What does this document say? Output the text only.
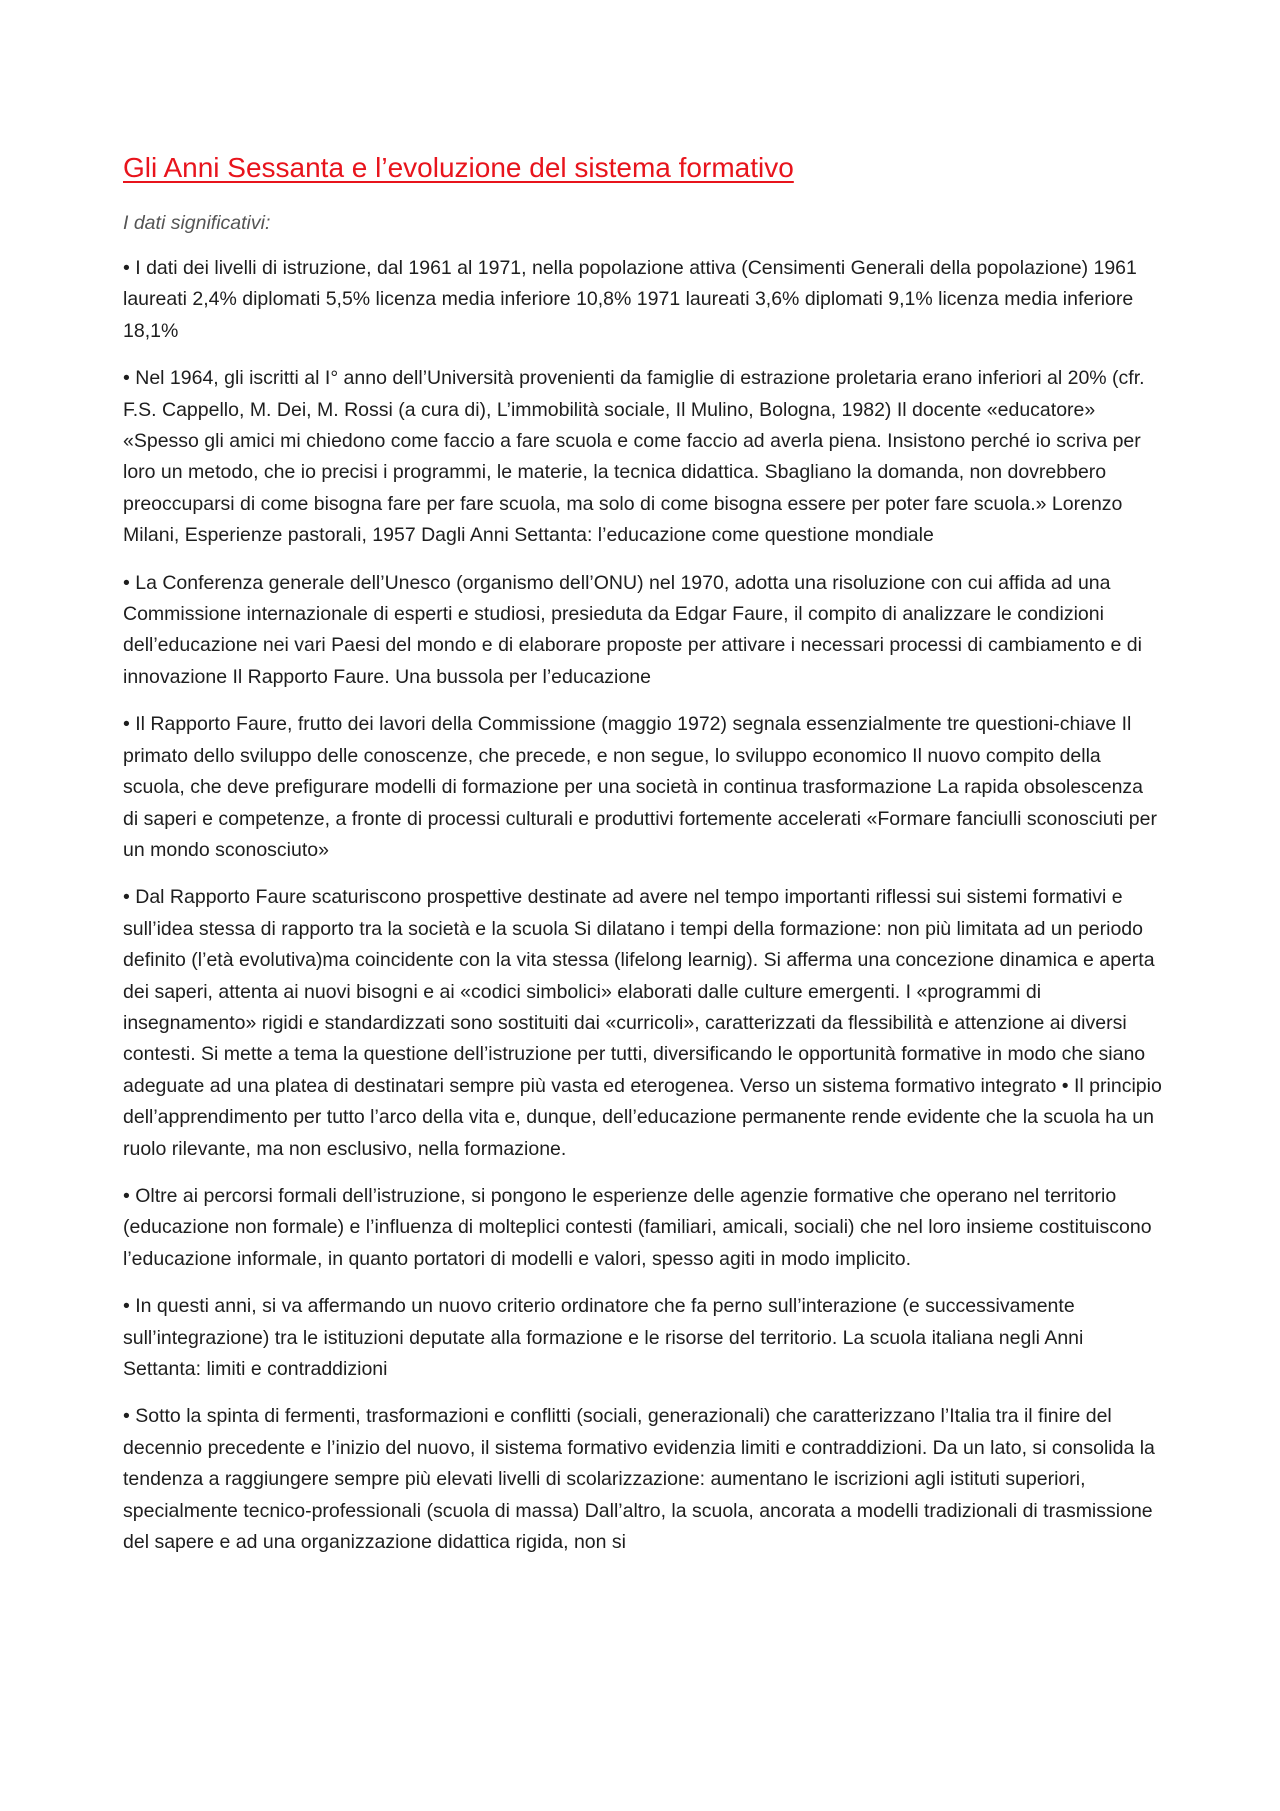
Gli Anni Sessanta e l’evoluzione del sistema formativo

I dati significativi:

• I dati dei livelli di istruzione, dal 1961 al 1971, nella popolazione attiva (Censimenti Generali della popolazione) 1961 laureati 2,4% diplomati 5,5% licenza media inferiore 10,8% 1971 laureati 3,6% diplomati 9,1% licenza media inferiore 18,1%

• Nel 1964, gli iscritti al I° anno dell’Università provenienti da famiglie di estrazione proletaria erano inferiori al 20% (cfr. F.S. Cappello, M. Dei, M. Rossi (a cura di), L’immobilità sociale, Il Mulino, Bologna, 1982) Il docente «educatore» «Spesso gli amici mi chiedono come faccio a fare scuola e come faccio ad averla piena. Insistono perché io scriva per loro un metodo, che io precisi i programmi, le materie, la tecnica didattica. Sbagliano la domanda, non dovrebbero preoccuparsi di come bisogna fare per fare scuola, ma solo di come bisogna essere per poter fare scuola.» Lorenzo Milani, Esperienze pastorali, 1957 Dagli Anni Settanta: l’educazione come questione mondiale

• La Conferenza generale dell’Unesco (organismo dell’ONU) nel 1970, adotta una risoluzione con cui affida ad una Commissione internazionale di esperti e studiosi, presieduta da Edgar Faure, il compito di analizzare le condizioni dell’educazione nei vari Paesi del mondo e di elaborare proposte per attivare i necessari processi di cambiamento e di innovazione Il Rapporto Faure. Una bussola per l’educazione

• Il Rapporto Faure, frutto dei lavori della Commissione (maggio 1972) segnala essenzialmente tre questioni-chiave Il primato dello sviluppo delle conoscenze, che precede, e non segue, lo sviluppo economico Il nuovo compito della scuola, che deve prefigurare modelli di formazione per una società in continua trasformazione La rapida obsolescenza di saperi e competenze, a fronte di processi culturali e produttivi fortemente accelerati «Formare fanciulli sconosciuti per un mondo sconosciuto»

• Dal Rapporto Faure scaturiscono prospettive destinate ad avere nel tempo importanti riflessi sui sistemi formativi e sull’idea stessa di rapporto tra la società e la scuola Si dilatano i tempi della formazione: non più limitata ad un periodo definito (l’età evolutiva)ma coincidente con la vita stessa (lifelong learnig). Si afferma una concezione dinamica e aperta dei saperi, attenta ai nuovi bisogni e ai «codici simbolici» elaborati dalle culture emergenti. I «programmi di insegnamento» rigidi e standardizzati sono sostituiti dai «curricoli», caratterizzati da flessibilità e attenzione ai diversi contesti. Si mette a tema la questione dell’istruzione per tutti, diversificando le opportunità formative in modo che siano adeguate ad una platea di destinatari sempre più vasta ed eterogenea. Verso un sistema formativo integrato • Il principio dell’apprendimento per tutto l’arco della vita e, dunque, dell’educazione permanente rende evidente che la scuola ha un ruolo rilevante, ma non esclusivo, nella formazione.

• Oltre ai percorsi formali dell’istruzione, si pongono le esperienze delle agenzie formative che operano nel territorio (educazione non formale) e l’influenza di molteplici contesti (familiari, amicali, sociali) che nel loro insieme costituiscono l’educazione informale, in quanto portatori di modelli e valori, spesso agiti in modo implicito.

• In questi anni, si va affermando un nuovo criterio ordinatore che fa perno sull’interazione (e successivamente sull’integrazione) tra le istituzioni deputate alla formazione e le risorse del territorio. La scuola italiana negli Anni Settanta: limiti e contraddizioni

• Sotto la spinta di fermenti, trasformazioni e conflitti (sociali, generazionali) che caratterizzano l’Italia tra il finire del decennio precedente e l’inizio del nuovo, il sistema formativo evidenzia limiti e contraddizioni. Da un lato, si consolida la tendenza a raggiungere sempre più elevati livelli di scolarizzazione: aumentano le iscrizioni agli istituti superiori, specialmente tecnico-professionali (scuola di massa) Dall’altro, la scuola, ancorata a modelli tradizionali di trasmissione del sapere e ad una organizzazione didattica rigida, non si
